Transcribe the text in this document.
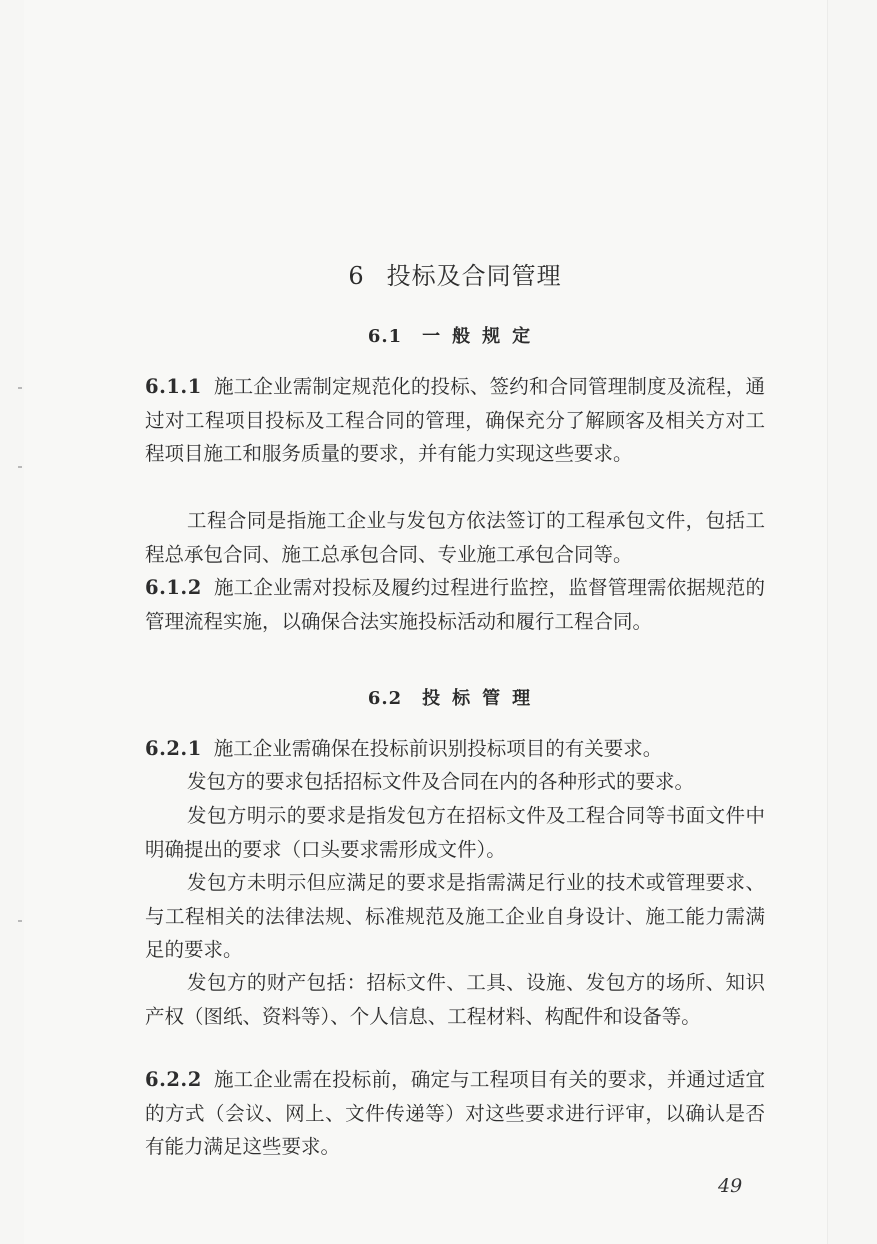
6 投标及合同管理
6.1 一般规定
6.1.1 施工企业需制定规范化的投标、签约和合同管理制度及流程，通过对工程项目投标及工程合同的管理，确保充分了解顾客及相关方对工程项目施工和服务质量的要求，并有能力实现这些要求。
工程合同是指施工企业与发包方依法签订的工程承包文件，包括工程总承包合同、施工总承包合同、专业施工承包合同等。
6.1.2 施工企业需对投标及履约过程进行监控，监督管理需依据规范的管理流程实施，以确保合法实施投标活动和履行工程合同。
6.2 投标管理
6.2.1 施工企业需确保在投标前识别投标项目的有关要求。
发包方的要求包括招标文件及合同在内的各种形式的要求。
发包方明示的要求是指发包方在招标文件及工程合同等书面文件中明确提出的要求（口头要求需形成文件）。
发包方未明示但应满足的要求是指需满足行业的技术或管理要求、与工程相关的法律法规、标准规范及施工企业自身设计、施工能力需满足的要求。
发包方的财产包括：招标文件、工具、设施、发包方的场所、知识产权（图纸、资料等）、个人信息、工程材料、构配件和设备等。
6.2.2 施工企业需在投标前，确定与工程项目有关的要求，并通过适宜的方式（会议、网上、文件传递等）对这些要求进行评审，以确认是否有能力满足这些要求。
49
